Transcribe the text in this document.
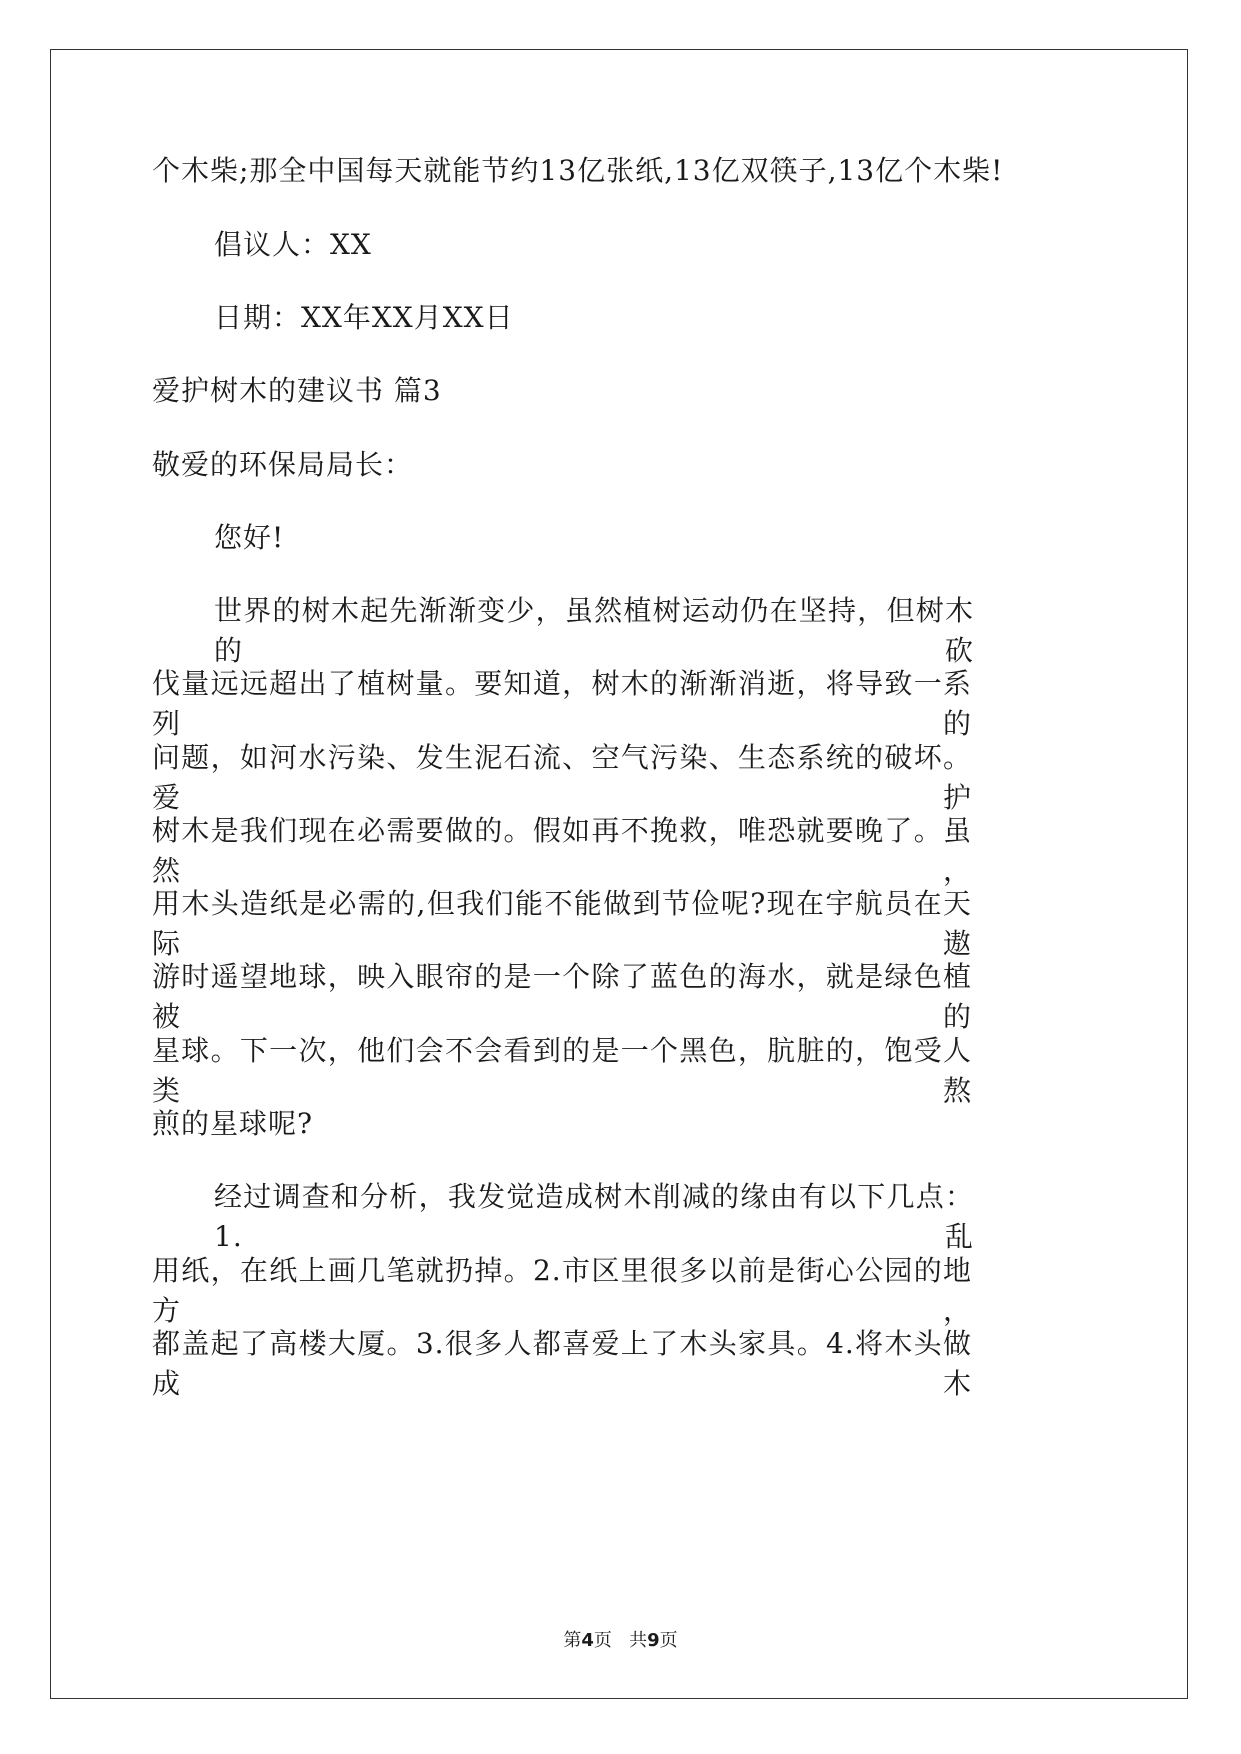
个木柴;那全中国每天就能节约13亿张纸,13亿双筷子,13亿个木柴!
倡议人：XX
日期：XX年XX月XX日
爱护树木的建议书 篇3
敬爱的环保局局长：
您好!
世界的树木起先渐渐变少，虽然植树运动仍在坚持，但树木的砍
伐量远远超出了植树量。要知道，树木的渐渐消逝，将导致一系列的
问题，如河水污染、发生泥石流、空气污染、生态系统的破坏。爱护
树木是我们现在必需要做的。假如再不挽救，唯恐就要晚了。虽然，
用木头造纸是必需的,但我们能不能做到节俭呢?现在宇航员在天际遨
游时遥望地球，映入眼帘的是一个除了蓝色的海水，就是绿色植被的
星球。下一次，他们会不会看到的是一个黑色，肮脏的，饱受人类熬
煎的星球呢?
经过调查和分析，我发觉造成树木削减的缘由有以下几点：1.乱
用纸，在纸上画几笔就扔掉。2.市区里很多以前是街心公园的地方，
都盖起了高楼大厦。3.很多人都喜爱上了木头家具。4.将木头做成木
第4页   共9页
